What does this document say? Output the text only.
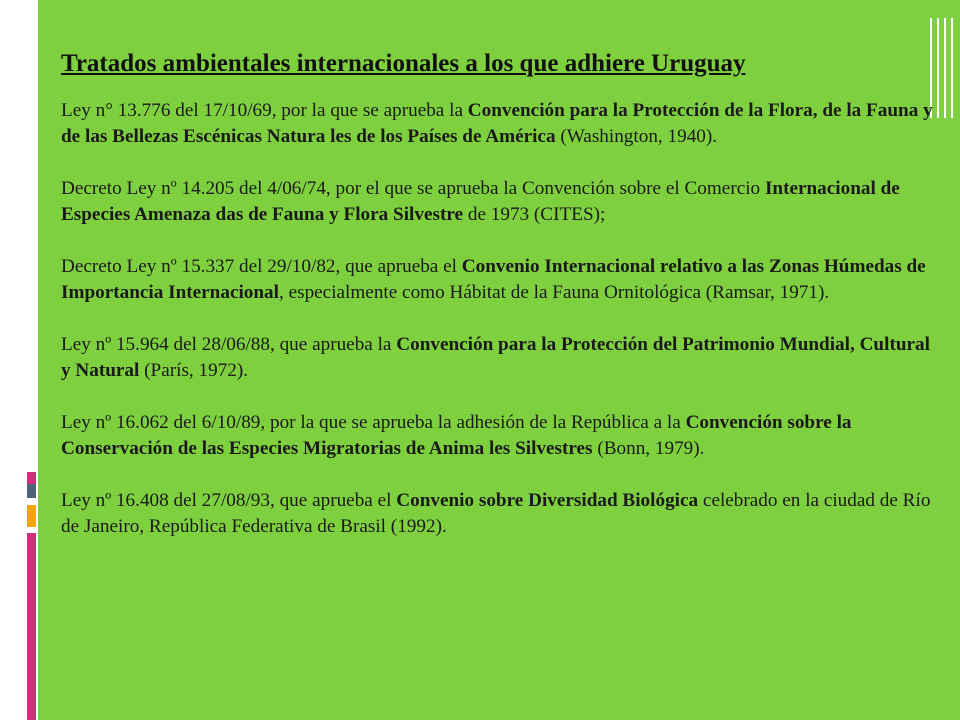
Tratados ambientales internacionales a los que adhiere Uruguay
Ley n° 13.776 del 17/10/69, por la que se aprueba la Convención para la Protección de la Flora, de la Fauna y de las Bellezas Escénicas Natura les de los Países de América (Washington, 1940).
Decreto Ley nº 14.205 del 4/06/74, por el que se aprueba la Convención sobre el Comercio Internacional de Especies Amenaza das de Fauna y Flora Silvestre de 1973 (CITES);
Decreto Ley nº 15.337 del 29/10/82, que aprueba el Convenio Internacional relativo a las Zonas Húmedas de Importancia Internacional, especialmente como Hábitat de la Fauna Ornitológica (Ramsar, 1971).
Ley nº 15.964 del 28/06/88, que aprueba la Convención para la Protección del Patrimonio Mundial, Cultural y Natural (París, 1972).
Ley nº 16.062 del 6/10/89, por la que se aprueba la adhesión de la República a la Convención sobre la Conservación de las Especies Migratorias de Anima les Silvestres (Bonn, 1979).
Ley nº 16.408 del 27/08/93, que aprueba el Convenio sobre Diversidad Biológica celebrado en la ciudad de Río de Janeiro, República Federativa de Brasil (1992).
